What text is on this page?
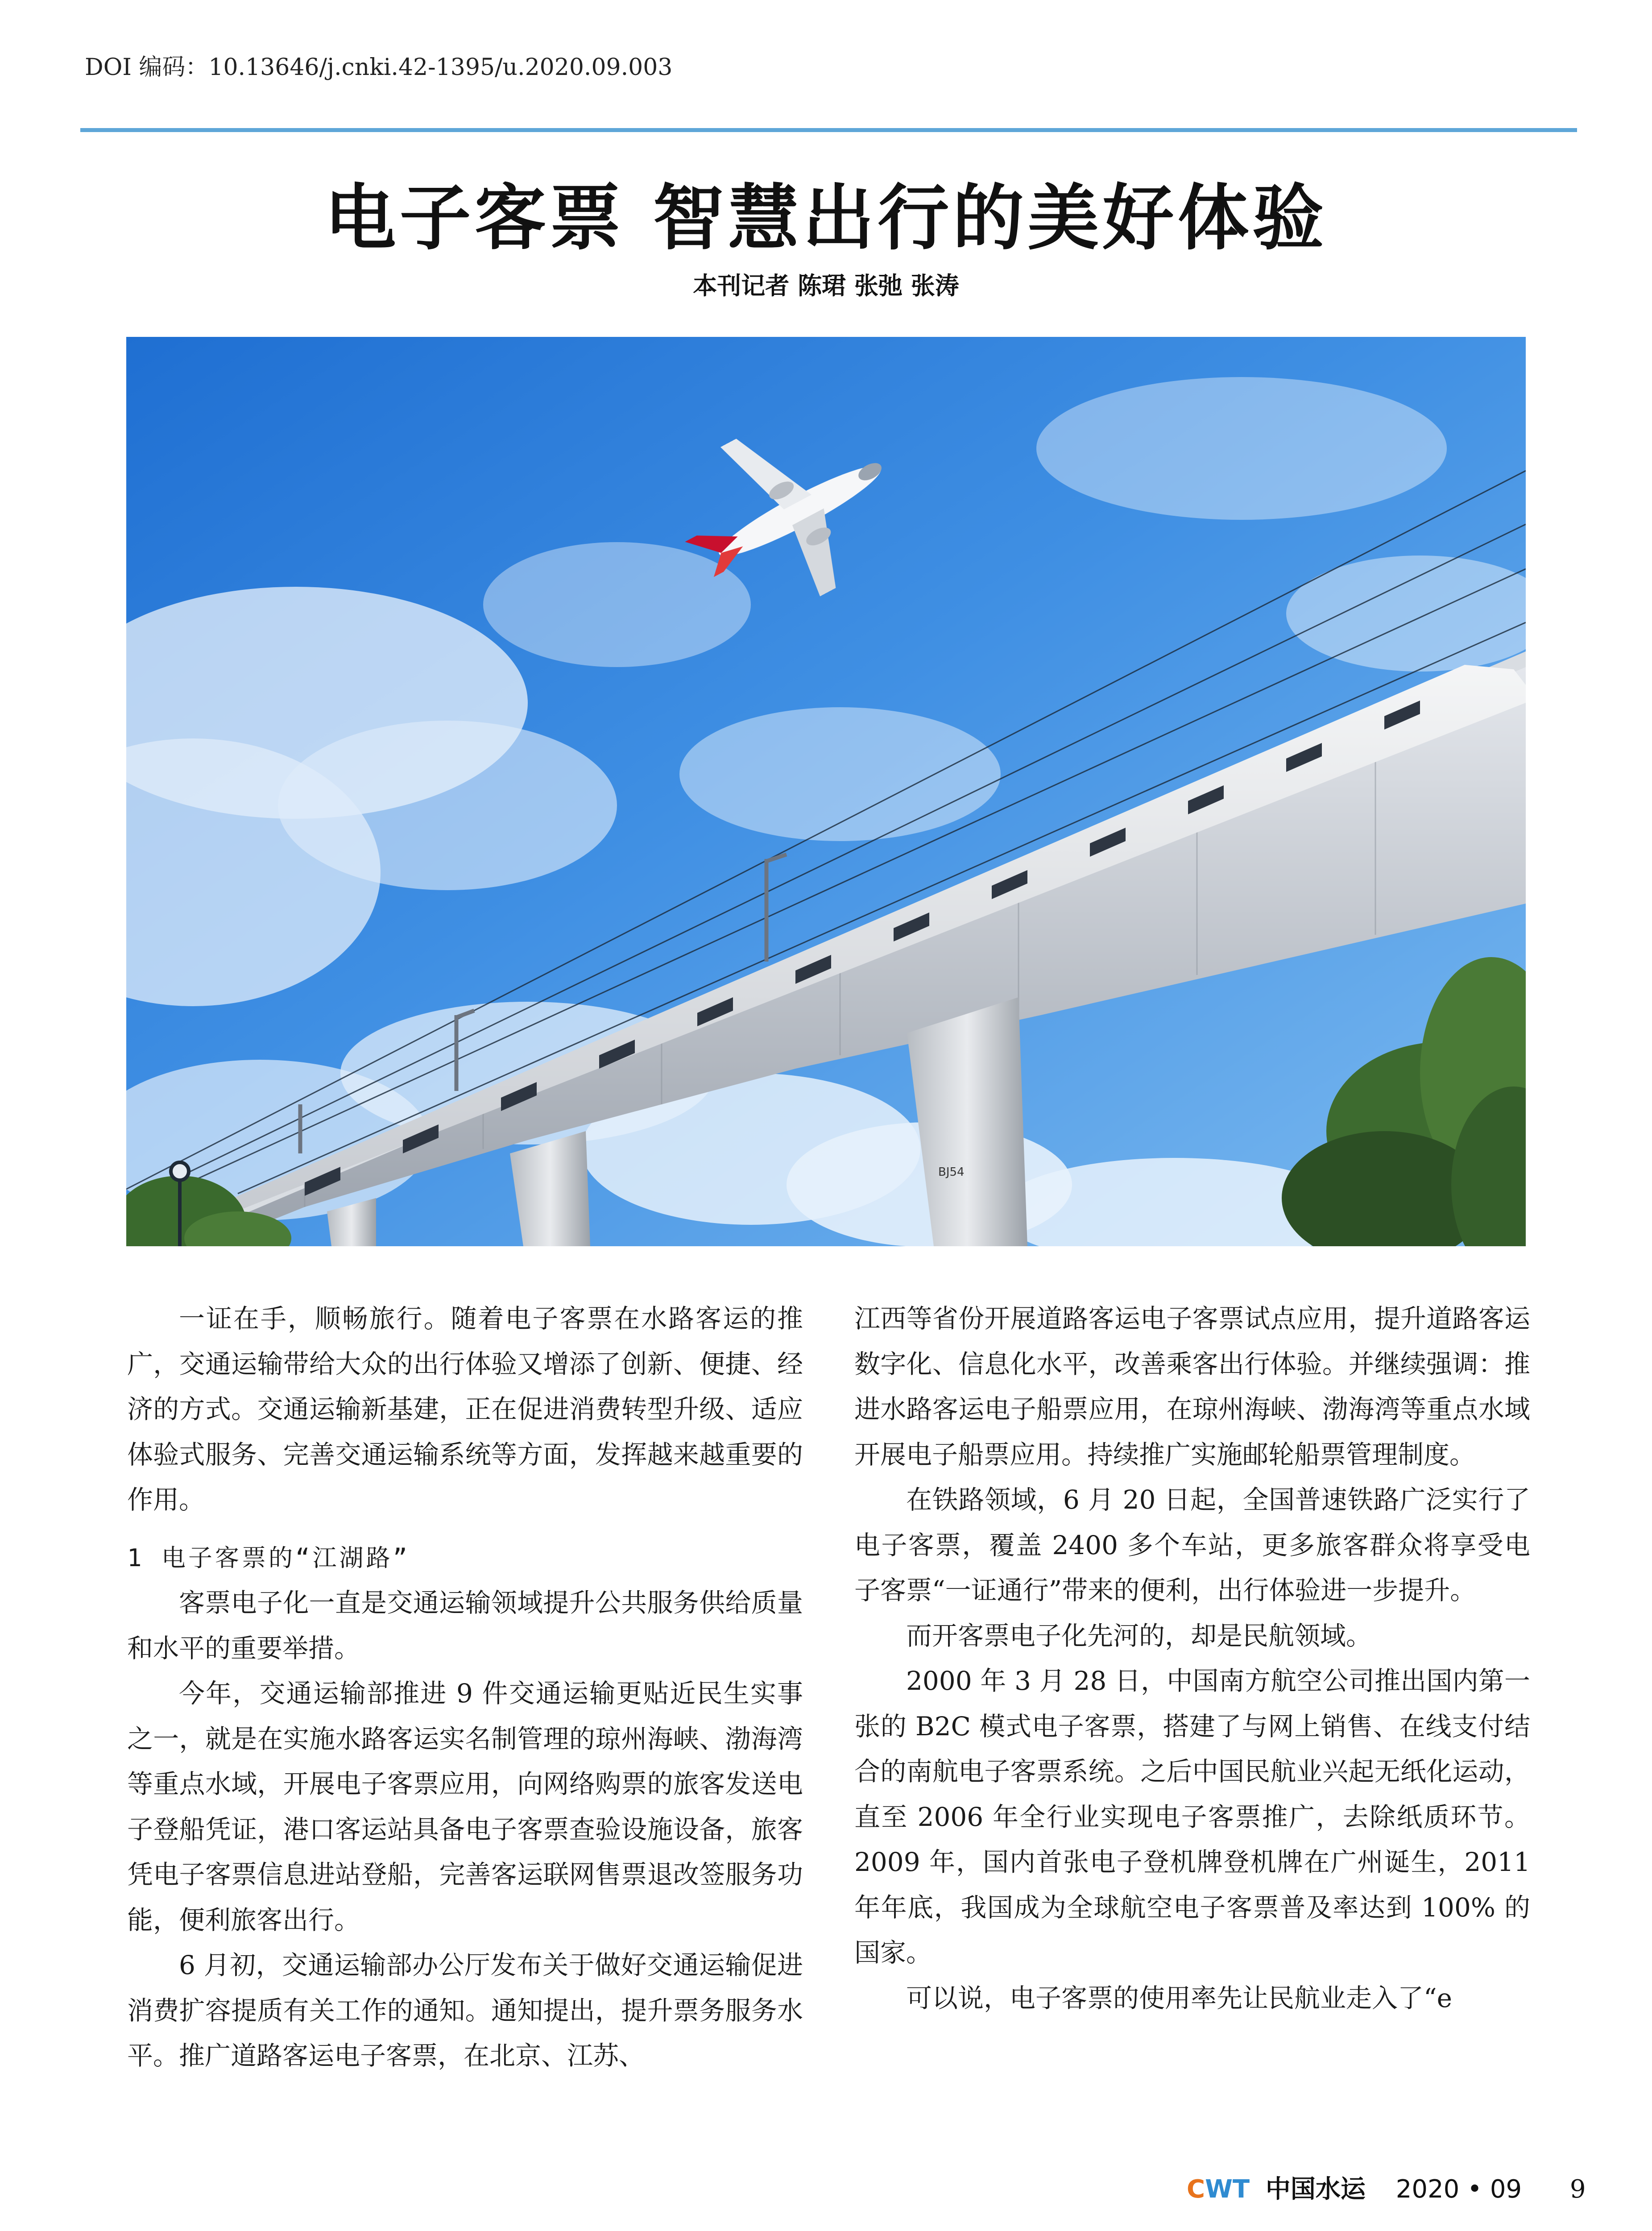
DOI 编码：10.13646/j.cnki.42-1395/u.2020.09.003
电子客票 智慧出行的美好体验
本刊记者 陈珺 张弛 张涛
BJ54

一证在手，顺畅旅行。随着电子客票在水路客运的推广，交通运输带给大众的出行体验又增添了创新、便捷、经济的方式。交通运输新基建，正在促进消费转型升级、适应体验式服务、完善交通运输系统等方面，发挥越来越重要的作用。

1 电子客票的“江湖路”

客票电子化一直是交通运输领域提升公共服务供给质量和水平的重要举措。

今年，交通运输部推进 9 件交通运输更贴近民生实事之一，就是在实施水路客运实名制管理的琼州海峡、渤海湾等重点水域，开展电子客票应用，向网络购票的旅客发送电子登船凭证，港口客运站具备电子客票查验设施设备，旅客凭电子客票信息进站登船，完善客运联网售票退改签服务功能，便利旅客出行。

6 月初，交通运输部办公厅发布关于做好交通运输促进消费扩容提质有关工作的通知。通知提出，提升票务服务水平。推广道路客运电子客票，在北京、江苏、

江西等省份开展道路客运电子客票试点应用，提升道路客运数字化、信息化水平，改善乘客出行体验。并继续强调：推进水路客运电子船票应用，在琼州海峡、渤海湾等重点水域开展电子船票应用。持续推广实施邮轮船票管理制度。

在铁路领域，6 月 20 日起，全国普速铁路广泛实行了电子客票，覆盖 2400 多个车站，更多旅客群众将享受电子客票“一证通行”带来的便利，出行体验进一步提升。

而开客票电子化先河的，却是民航领域。

2000 年 3 月 28 日，中国南方航空公司推出国内第一张的 B2C 模式电子客票，搭建了与网上销售、在线支付结合的南航电子客票系统。之后中国民航业兴起无纸化运动，直至 2006 年全行业实现电子客票推广，去除纸质环节。2009 年，国内首张电子登机牌登机牌在广州诞生，2011 年年底，我国成为全球航空电子客票普及率达到 100% 的国家。

可以说，电子客票的使用率先让民航业走入了“e

CWT 中国水运 2020 • 09 9
